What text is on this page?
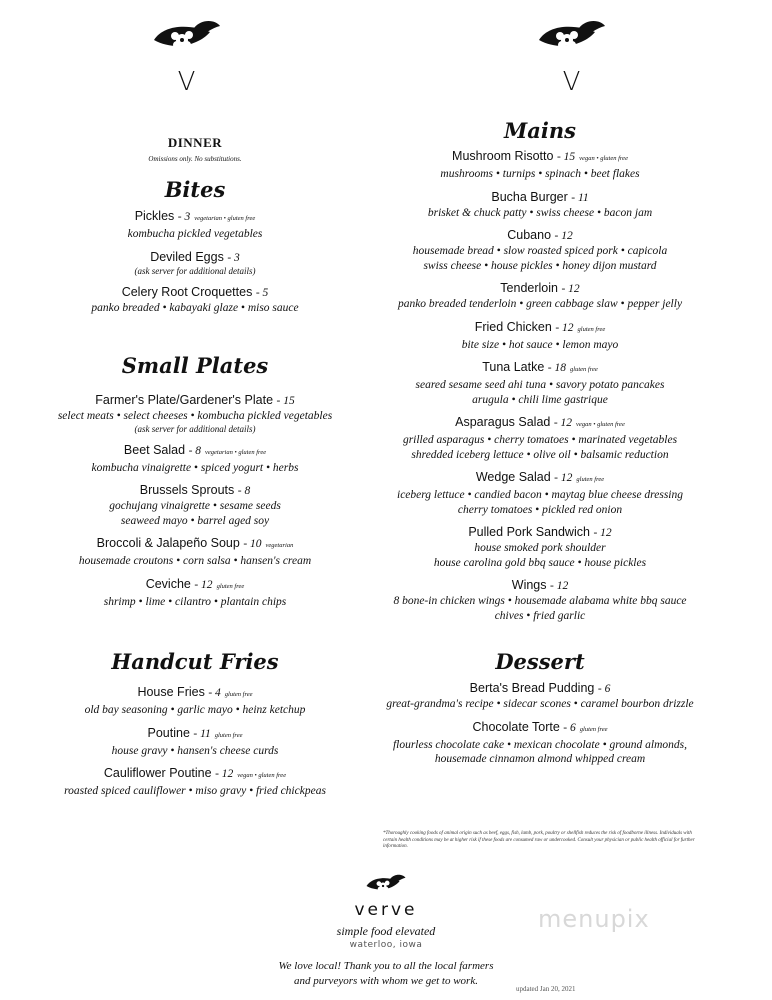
V	V
DINNER
Omissions only. No substitutions.
Bites
Pickles - 3 vegetarian • gluten free
kombucha pickled vegetables
Deviled Eggs - 3
(ask server for additional details)
Celery Root Croquettes - 5
panko breaded • kabayaki glaze • miso sauce
Small Plates
Farmer's Plate/Gardener's Plate - 15
select meats • select cheeses • kombucha pickled vegetables
(ask server for additional details)
Beet Salad - 8 vegetarian • gluten free
kombucha vinaigrette • spiced yogurt • herbs
Brussels Sprouts - 8
gochujang vinaigrette • sesame seeds
seaweed mayo • barrel aged soy
Broccoli & Jalapeño Soup - 10 vegetarian
housemade croutons • corn salsa • hansen's cream
Ceviche - 12 gluten free
shrimp • lime • cilantro • plantain chips
Handcut Fries
House Fries - 4 gluten free
old bay seasoning • garlic mayo • heinz ketchup
Poutine - 11 gluten free
house gravy • hansen's cheese curds
Cauliflower Poutine - 12 vegan • gluten free
roasted spiced cauliflower • miso gravy • fried chickpeas
Mains
Mushroom Risotto - 15 vegan • gluten free
mushrooms • turnips • spinach • beet flakes
Bucha Burger - 11
brisket & chuck patty • swiss cheese • bacon jam
Cubano - 12
housemade bread • slow roasted spiced pork • capicola
swiss cheese • house pickles • honey dijon mustard
Tenderloin - 12
panko breaded tenderloin • green cabbage slaw • pepper jelly
Fried Chicken - 12 gluten free
bite size • hot sauce • lemon mayo
Tuna Latke - 18 gluten free
seared sesame seed ahi tuna • savory potato pancakes
arugula • chili lime gastrique
Asparagus Salad - 12 vegan • gluten free
grilled asparagus • cherry tomatoes • marinated vegetables
shredded iceberg lettuce • olive oil • balsamic reduction
Wedge Salad - 12 gluten free
iceberg lettuce • candied bacon • maytag blue cheese dressing
cherry tomatoes • pickled red onion
Pulled Pork Sandwich - 12
house smoked pork shoulder
house carolina gold bbq sauce • house pickles
Wings - 12
8 bone-in chicken wings • housemade alabama white bbq sauce
chives • fried garlic
Dessert
Berta's Bread Pudding - 6
great-grandma's recipe • sidecar scones • caramel bourbon drizzle
Chocolate Torte - 6 gluten free
flourless chocolate cake • mexican chocolate • ground almonds,
housemade cinnamon almond whipped cream
*Thoroughly cooking foods of animal origin such as beef, eggs, fish, lamb, pork, poultry or shellfish reduces the risk of foodborne illness. Individuals with certain health conditions may be at higher risk if these foods are consumed raw or undercooked. Consult your physician or public health official for further information.
menupix
verve
simple food elevated
waterloo, iowa
We love local! Thank you to all the local farmers
and purveyors with whom we get to work.
updated Jan 20, 2021
